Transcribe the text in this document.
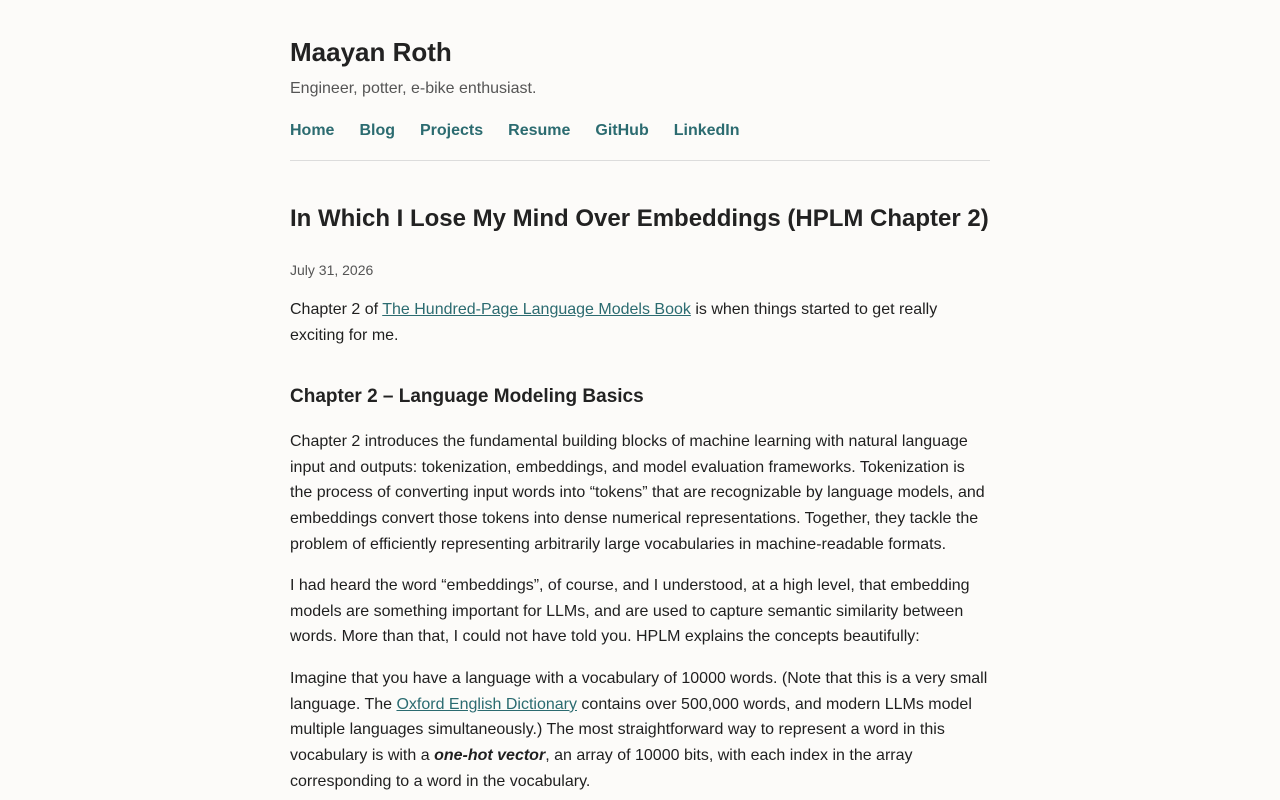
Maayan Roth

Engineer, potter, e-bike enthusiast.

Home Blog Projects Resume GitHub LinkedIn
In Which I Lose My Mind Over Embeddings (HPLM Chapter 2)

July 31, 2026

Chapter 2 of The Hundred-Page Language Models Book is when things started to get really exciting for me.

Chapter 2 – Language Modeling Basics

Chapter 2 introduces the fundamental building blocks of machine learning with natural language input and outputs: tokenization, embeddings, and model evaluation frameworks. Tokenization is the process of converting input words into “tokens” that are recognizable by language models, and embeddings convert those tokens into dense numerical representations. Together, they tackle the problem of efficiently representing arbitrarily large vocabularies in machine-readable formats.

I had heard the word “embeddings”, of course, and I understood, at a high level, that embedding models are something important for LLMs, and are used to capture semantic similarity between words. More than that, I could not have told you. HPLM explains the concepts beautifully:

Imagine that you have a language with a vocabulary of 10000 words. (Note that this is a very small language. The Oxford English Dictionary contains over 500,000 words, and modern LLMs model multiple languages simultaneously.) The most straightforward way to represent a word in this vocabulary is with a one-hot vector, an array of 10000 bits, with each index in the array corresponding to a word in the vocabulary.
